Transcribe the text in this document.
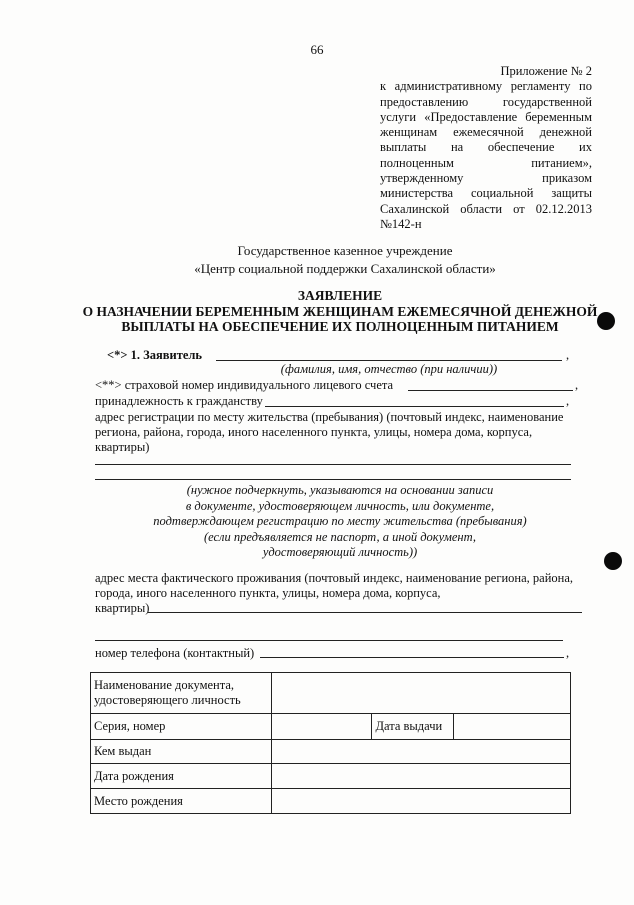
66
Приложение № 2
к административному регламенту по предоставлению государственной услуги «Предоставление беременным женщинам ежемесячной денежной выплаты на обеспечение их полноценным питанием», утвержденному приказом министерства социальной защиты Сахалинской области от 02.12.2013 №142-н
Государственное казенное учреждение
«Центр социальной поддержки Сахалинской области»
ЗАЯВЛЕНИЕ
О НАЗНАЧЕНИИ БЕРЕМЕННЫМ ЖЕНЩИНАМ ЕЖЕМЕСЯЧНОЙ ДЕНЕЖНОЙ
ВЫПЛАТЫ НА ОБЕСПЕЧЕНИЕ ИХ ПОЛНОЦЕННЫМ ПИТАНИЕМ
<*> 1. Заявитель	,
(фамилия, имя, отчество (при наличии))
<**> страховой номер индивидуального лицевого счета	,
принадлежность к гражданству	,
адрес регистрации по месту жительства (пребывания) (почтовый индекс, наименование
региона, района, города, иного населенного пункта, улицы, номера дома, корпуса,
квартиры)
(нужное подчеркнуть, указываются на основании записи
в документе, удостоверяющем личность, или документе,
подтверждающем регистрацию по месту жительства (пребывания)
(если предъявляется не паспорт, а иной документ,
удостоверяющий личность))
адрес места фактического проживания (почтовый индекс, наименование региона, района,
города, иного населенного пункта, улицы, номера дома, корпуса,
квартиры)
номер телефона (контактный)	,
Наименование документа, удостоверяющего личность			
Серия, номер		Дата выдачи	
Кем выдан			
Дата рождения			
Место рождения			
